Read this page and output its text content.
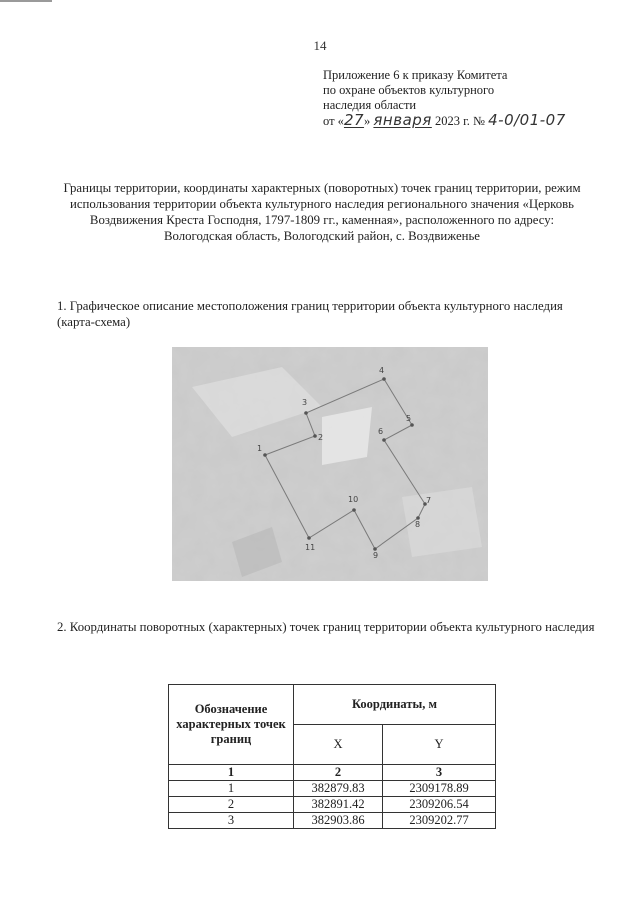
14
Приложение 6 к приказу Комитета
по охране объектов культурного
наследия области
от «27» января 2023 г. № 4-0/01-07
Границы территории, координаты характерных (поворотных) точек границ территории, режим использования территории объекта культурного наследия регионального значения «Церковь Воздвижения Креста Господня, 1797-1809 гг., каменная», расположенного по адресу: Вологодская область, Вологодский район, с. Воздвиженье
1. Графическое описание местоположения границ территории объекта культурного наследия (карта-схема)
1
2
3
4
5
6
7
8
9
10
11
2. Координаты поворотных (характерных) точек границ территории объекта культурного наследия
Обозначение характерных точек границ	Координаты, м	
	X	Y
1	2	3
1	382879.83	2309178.89
2	382891.42	2309206.54
3	382903.86	2309202.77
